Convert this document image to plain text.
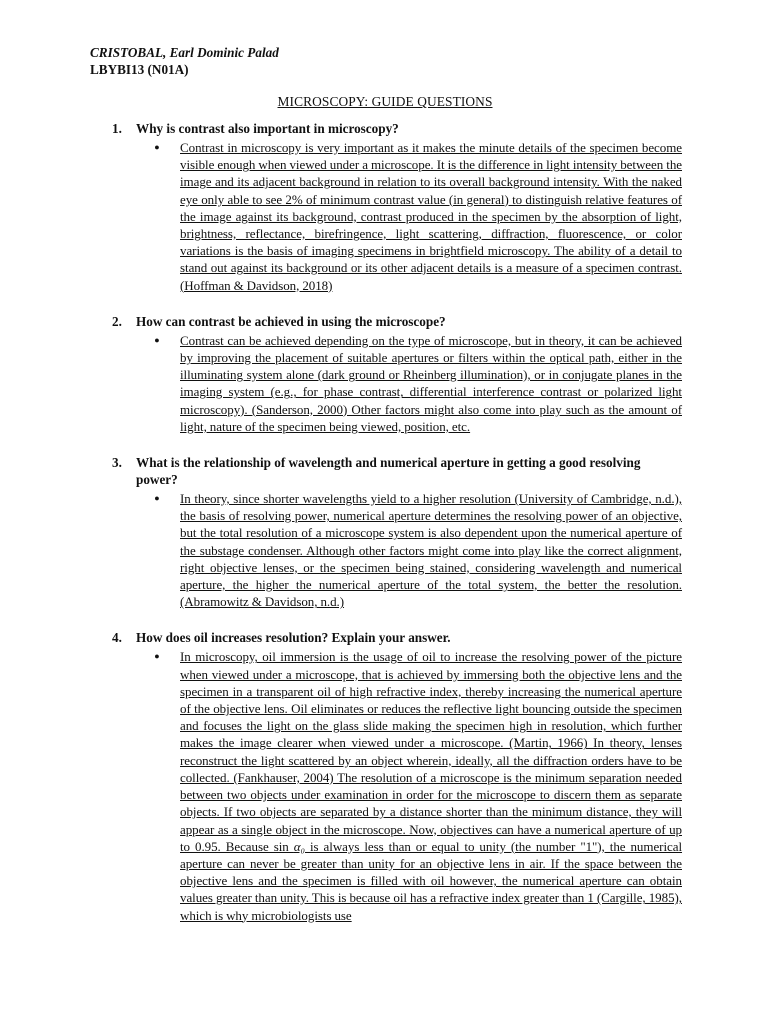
CRISTOBAL, Earl Dominic Palad
LBYBI13 (N01A)
MICROSCOPY: GUIDE QUESTIONS
1.	Why is contrast also important in microscopy?
●	Contrast in microscopy is very important as it makes the minute details of the specimen become visible enough when viewed under a microscope. It is the difference in light intensity between the image and its adjacent background in relation to its overall background intensity. With the naked eye only able to see 2% of minimum contrast value (in general) to distinguish relative features of the image against its background, contrast produced in the specimen by the absorption of light, brightness, reflectance, birefringence, light scattering, diffraction, fluorescence, or color variations is the basis of imaging specimens in brightfield microscopy. The ability of a detail to stand out against its background or its other adjacent details is a measure of a specimen contrast. (Hoffman & Davidson, 2018)
2.	How can contrast be achieved in using the microscope?
●	Contrast can be achieved depending on the type of microscope, but in theory, it can be achieved by improving the placement of suitable apertures or filters within the optical path, either in the illuminating system alone (dark ground or Rheinberg illumination), or in conjugate planes in the imaging system (e.g., for phase contrast, differential interference contrast or polarized light microscopy). (Sanderson, 2000) Other factors might also come into play such as the amount of light, nature of the specimen being viewed, position, etc.
3.	What is the relationship of wavelength and numerical aperture in getting a good resolving power?
●	In theory, since shorter wavelengths yield to a higher resolution (University of Cambridge, n.d.), the basis of resolving power, numerical aperture determines the resolving power of an objective, but the total resolution of a microscope system is also dependent upon the numerical aperture of the substage condenser. Although other factors might come into play like the correct alignment, right objective lenses, or the specimen being stained, considering wavelength and numerical aperture, the higher the numerical aperture of the total system, the better the resolution. (Abramowitz & Davidson, n.d.)
4.	How does oil increases resolution? Explain your answer.
●	In microscopy, oil immersion is the usage of oil to increase the resolving power of the picture when viewed under a microscope, that is achieved by immersing both the objective lens and the specimen in a transparent oil of high refractive index, thereby increasing the numerical aperture of the objective lens. Oil eliminates or reduces the reflective light bouncing outside the specimen and focuses the light on the glass slide making the specimen high in resolution, which further makes the image clearer when viewed under a microscope. (Martin, 1966) In theory, lenses reconstruct the light scattered by an object wherein, ideally, all the diffraction orders have to be collected. (Fankhauser, 2004) The resolution of a microscope is the minimum separation needed between two objects under examination in order for the microscope to discern them as separate objects. If two objects are separated by a distance shorter than the minimum distance, they will appear as a single object in the microscope. Now, objectives can have a numerical aperture of up to 0.95. Because sin α₀ is always less than or equal to unity (the number "1"), the numerical aperture can never be greater than unity for an objective lens in air. If the space between the objective lens and the specimen is filled with oil however, the numerical aperture can obtain values greater than unity. This is because oil has a refractive index greater than 1 (Cargille, 1985), which is why microbiologists use
